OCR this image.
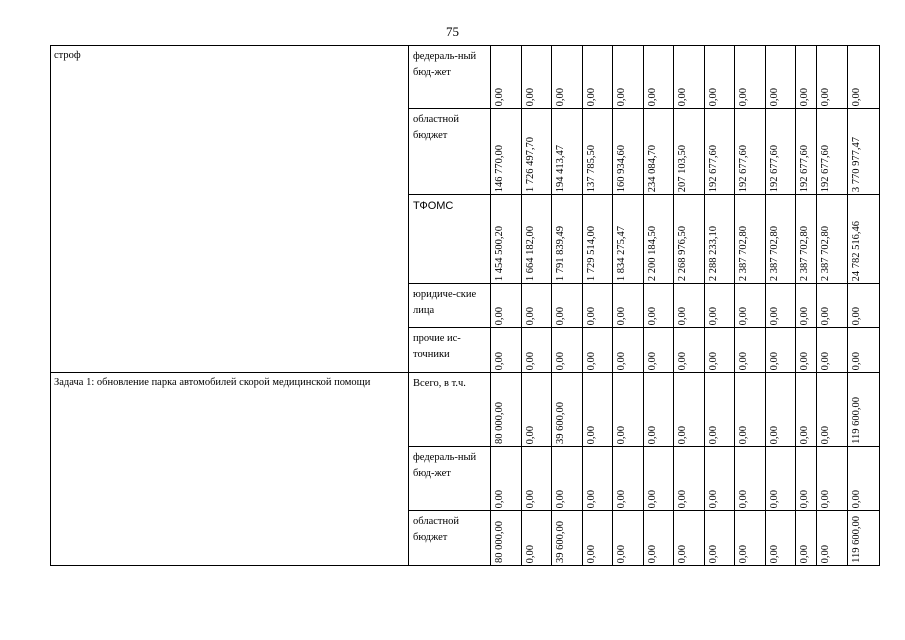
75
строф	федераль-ный бюд-жет	0,00	0,00	0,00	0,00	0,00	0,00	0,00	0,00	0,00	0,00	0,00	0,00	0,00

	областной бюджет	146 770,00	1 726 497,70	194 413,47	137 785,50	160 934,60	234 084,70	207 103,50	192 677,60	192 677,60	192 677,60	192 677,60	192 677,60	3 770 977,47

	ТФОМС	1 454 500,20	1 664 182,00	1 791 839,49	1 729 514,00	1 834 275,47	2 200 184,50	2 268 976,50	2 288 233,10	2 387 702,80	2 387 702,80	2 387 702,80	2 387 702,80	24 782 516,46

	юридиче-ские лица	0,00	0,00	0,00	0,00	0,00	0,00	0,00	0,00	0,00	0,00	0,00	0,00	0,00

	прочие ис-точники	0,00	0,00	0,00	0,00	0,00	0,00	0,00	0,00	0,00	0,00	0,00	0,00	0,00

Задача 1: обновление парка автомобилей скорой медицинской помощи	Всего, в т.ч.	80 000,00	0,00	39 600,00	0,00	0,00	0,00	0,00	0,00	0,00	0,00	0,00	0,00	119 600,00

	федераль-ный бюд-жет	0,00	0,00	0,00	0,00	0,00	0,00	0,00	0,00	0,00	0,00	0,00	0,00	0,00

	областной бюджет	80 000,00	0,00	39 600,00	0,00	0,00	0,00	0,00	0,00	0,00	0,00	0,00	0,00	119 600,00
